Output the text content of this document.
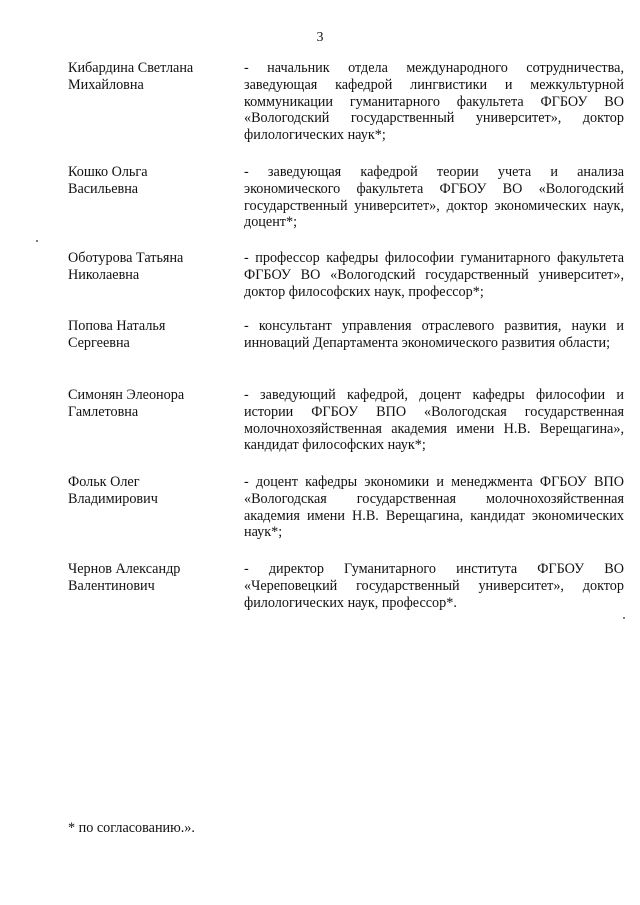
3
Кибардина Светлана
Михайловна
- начальник отдела международного сотрудничества, заведующая кафедрой лингвистики и межкультурной коммуникации гуманитарного факультета ФГБОУ ВО «Вологодский государственный университет», доктор филологических наук*;
Кошко Ольга
Васильевна
- заведующая кафедрой теории учета и анализа экономического факультета ФГБОУ ВО «Вологодский государственный университет», доктор экономических наук, доцент*;
Оботурова Татьяна
Николаевна
- профессор кафедры философии гуманитарного факультета ФГБОУ ВО «Вологодский государственный университет», доктор философских наук, профессор*;
Попова Наталья
Сергеевна
- консультант управления отраслевого развития, науки и инноваций Департамента экономического развития области;
Симонян Элеонора
Гамлетовна
- заведующий кафедрой, доцент кафедры философии и истории ФГБОУ ВПО «Вологодская государственная молочнохозяйственная академия имени Н.В. Верещагина», кандидат философских наук*;
Фольк Олег
Владимирович
- доцент кафедры экономики и менеджмента ФГБОУ ВПО «Вологодская государственная молочнохозяйственная академия имени Н.В. Верещагина, кандидат экономических наук*;
Чернов Александр
Валентинович
- директор Гуманитарного института ФГБОУ ВО «Череповецкий государственный университет», доктор филологических наук, профессор*.
* по согласованию.».
